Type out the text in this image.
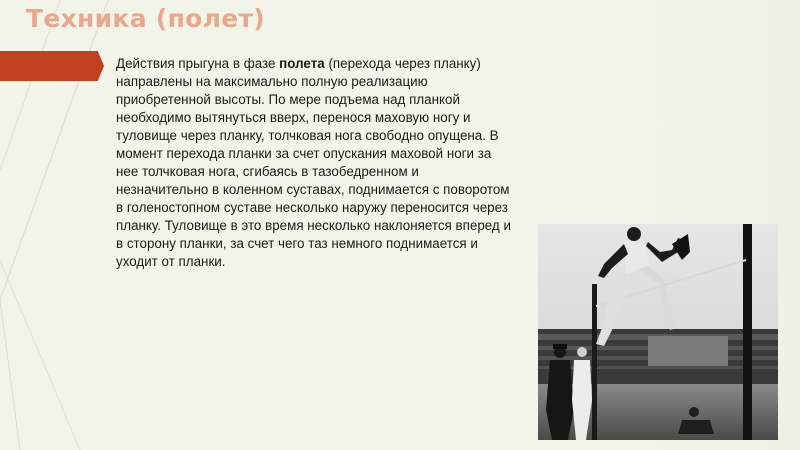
Техника (полет)
Действия прыгуна в фазе полета (перехода через планку) направлены на максимально полную реализацию приобретенной высоты. По мере подъема над планкой необходимо вытянуться вверх, перенося маховую ногу и туловище через планку, толчковая нога свободно опущена. В момент перехода планки за счет опускания маховой ноги за нее толчковая нога, сгибаясь в тазобедренном и незначительно в коленном суставах, поднимается с поворотом в голеностопном суставе несколько наружу переносится через планку. Туловище в это время несколько наклоняется вперед и в сторону планки, за счет чего таз немного поднимается и уходит от планки.
